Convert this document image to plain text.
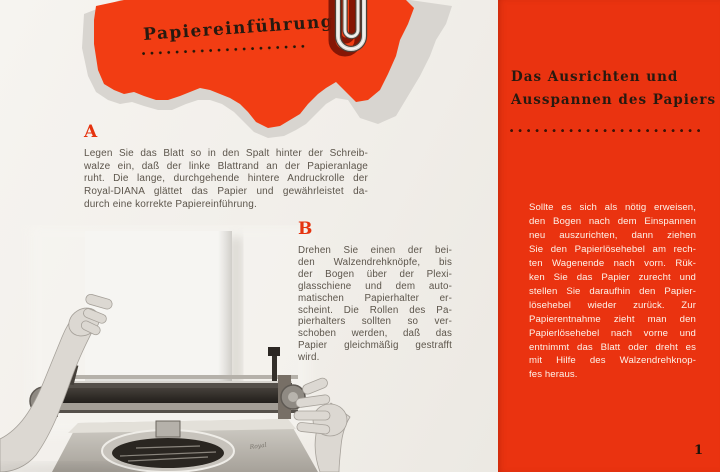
Papiereinführung
Royal
A
Legen Sie das Blatt so in den Spalt hinter der Schreib-
walze ein, daß der linke Blattrand an der Papieranlage
ruht. Die lange, durchgehende hintere Andruckrolle der
Royal-DIANA glättet das Papier und gewährleistet da-
durch eine korrekte Papiereinführung.
B
Drehen Sie einen der bei-
den Walzendrehknöpfe, bis
der Bogen über der Plexi-
glasschiene und dem auto-
matischen Papierhalter er-
scheint. Die Rollen des Pa-
pierhalters sollten so ver-
schoben werden, daß das
Papier gleichmäßig gestrafft
wird.
Das Ausrichten und
Ausspannen des Papiers
Sollte es sich als nötig erweisen,
den Bogen nach dem Einspannen
neu auszurichten, dann ziehen
Sie den Papierlösehebel am rech-
ten Wagenende nach vorn. Rük-
ken Sie das Papier zurecht und
stellen Sie daraufhin den Papier-
lösehebel wieder zurück. Zur
Papierentnahme zieht man den
Papierlösehebel nach vorne und
entnimmt das Blatt oder dreht es
mit Hilfe des Walzendrehknop-
fes heraus.
1
